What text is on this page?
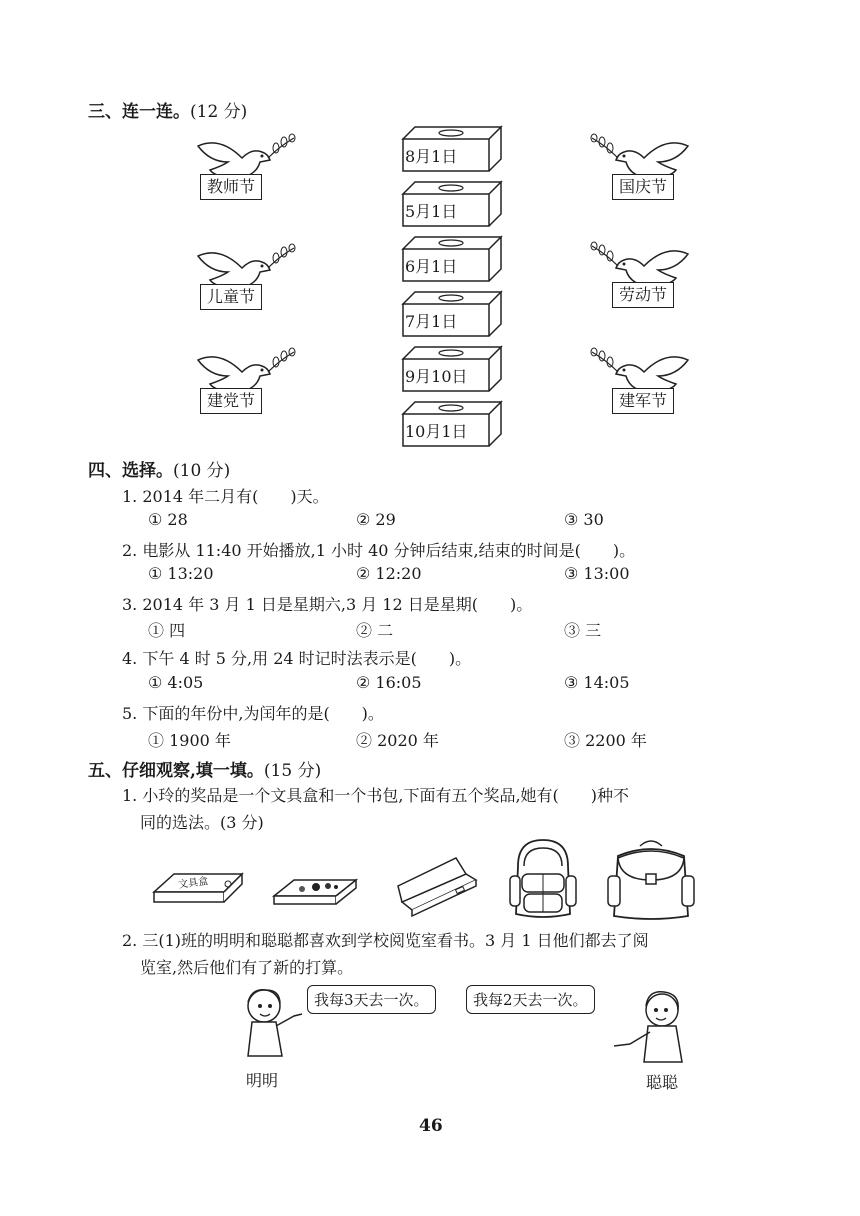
三、连一连。(12 分)
教师节
儿童节
建党节
国庆节
劳动节
建军节
8月1日
5月1日
6月1日
7月1日
9月10日
10月1日
四、选择。(10 分)
1. 2014 年二月有(　　)天。
① 28	② 29	③ 30
2. 电影从 11:40 开始播放,1 小时 40 分钟后结束,结束的时间是(　　)。
① 13:20	② 12:20	③ 13:00
3. 2014 年 3 月 1 日是星期六,3 月 12 日是星期(　　)。
① 四	② 二	③ 三
4. 下午 4 时 5 分,用 24 时记时法表示是(　　)。
① 4:05	② 16:05	③ 14:05
5. 下面的年份中,为闰年的是(　　)。
① 1900 年	② 2020 年	③ 2200 年
五、仔细观察,填一填。(15 分)
1. 小玲的奖品是一个文具盒和一个书包,下面有五个奖品,她有(　　)种不
同的选法。(3 分)
文具盒
2. 三(1)班的明明和聪聪都喜欢到学校阅览室看书。3 月 1 日他们都去了阅
览室,然后他们有了新的打算。
明明
我每3天去一次。	我每2天去一次。
聪聪
46
